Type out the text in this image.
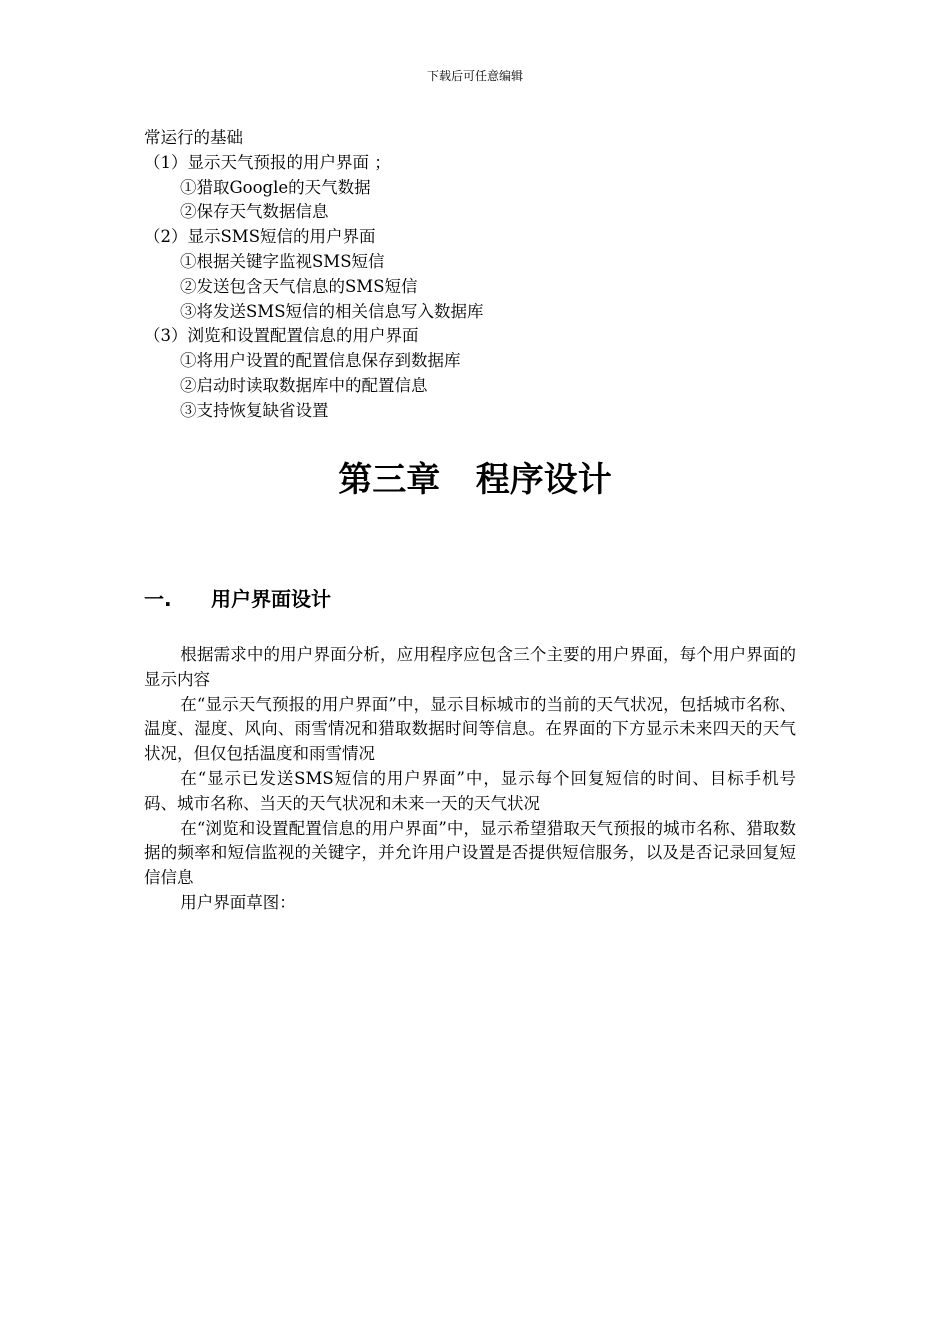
下载后可任意编辑
常运行的基础
（1）显示天气预报的用户界面 ；
①猎取Google的天气数据
②保存天气数据信息
（2）显示SMS短信的用户界面
①根据关键字监视SMS短信
②发送包含天气信息的SMS短信
③将发送SMS短信的相关信息写入数据库
（3）浏览和设置配置信息的用户界面
①将用户设置的配置信息保存到数据库
②启动时读取数据库中的配置信息
③支持恢复缺省设置
第三章   程序设计
一. 用户界面设计

根据需求中的用户界面分析，应用程序应包含三个主要的用户界面，每个用户界面的显示内容

在“显示天气预报的用户界面”中，显示目标城市的当前的天气状况，包括城市名称、温度、湿度、风向、雨雪情况和猎取数据时间等信息。在界面的下方显示未来四天的天气状况，但仅包括温度和雨雪情况

在“显示已发送SMS短信的用户界面”中，显示每个回复短信的时间、目标手机号码、城市名称、当天的天气状况和未来一天的天气状况

在“浏览和设置配置信息的用户界面”中，显示希望猎取天气预报的城市名称、猎取数据的频率和短信监视的关键字，并允许用户设置是否提供短信服务，以及是否记录回复短信信息

用户界面草图：
